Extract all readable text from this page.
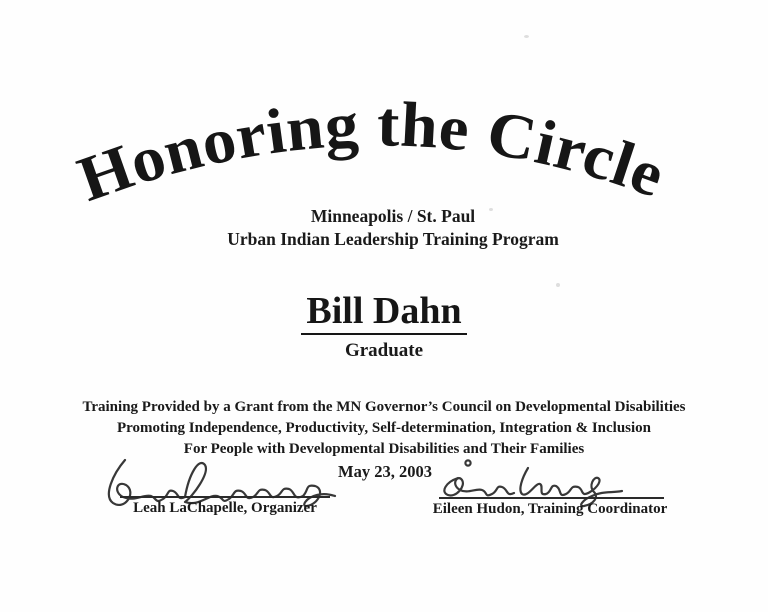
Honoring the Circle
Minneapolis / St. Paul
Urban Indian Leadership Training Program
Bill Dahn
Graduate
Training Provided by a Grant from the MN Governor’s Council on Developmental Disabilities
Promoting Independence, Productivity, Self-determination, Integration & Inclusion
For People with Developmental Disabilities and Their Families
May 23, 2003
Leah LaChapelle, Organizer	Eileen Hudon, Training Coordinator
